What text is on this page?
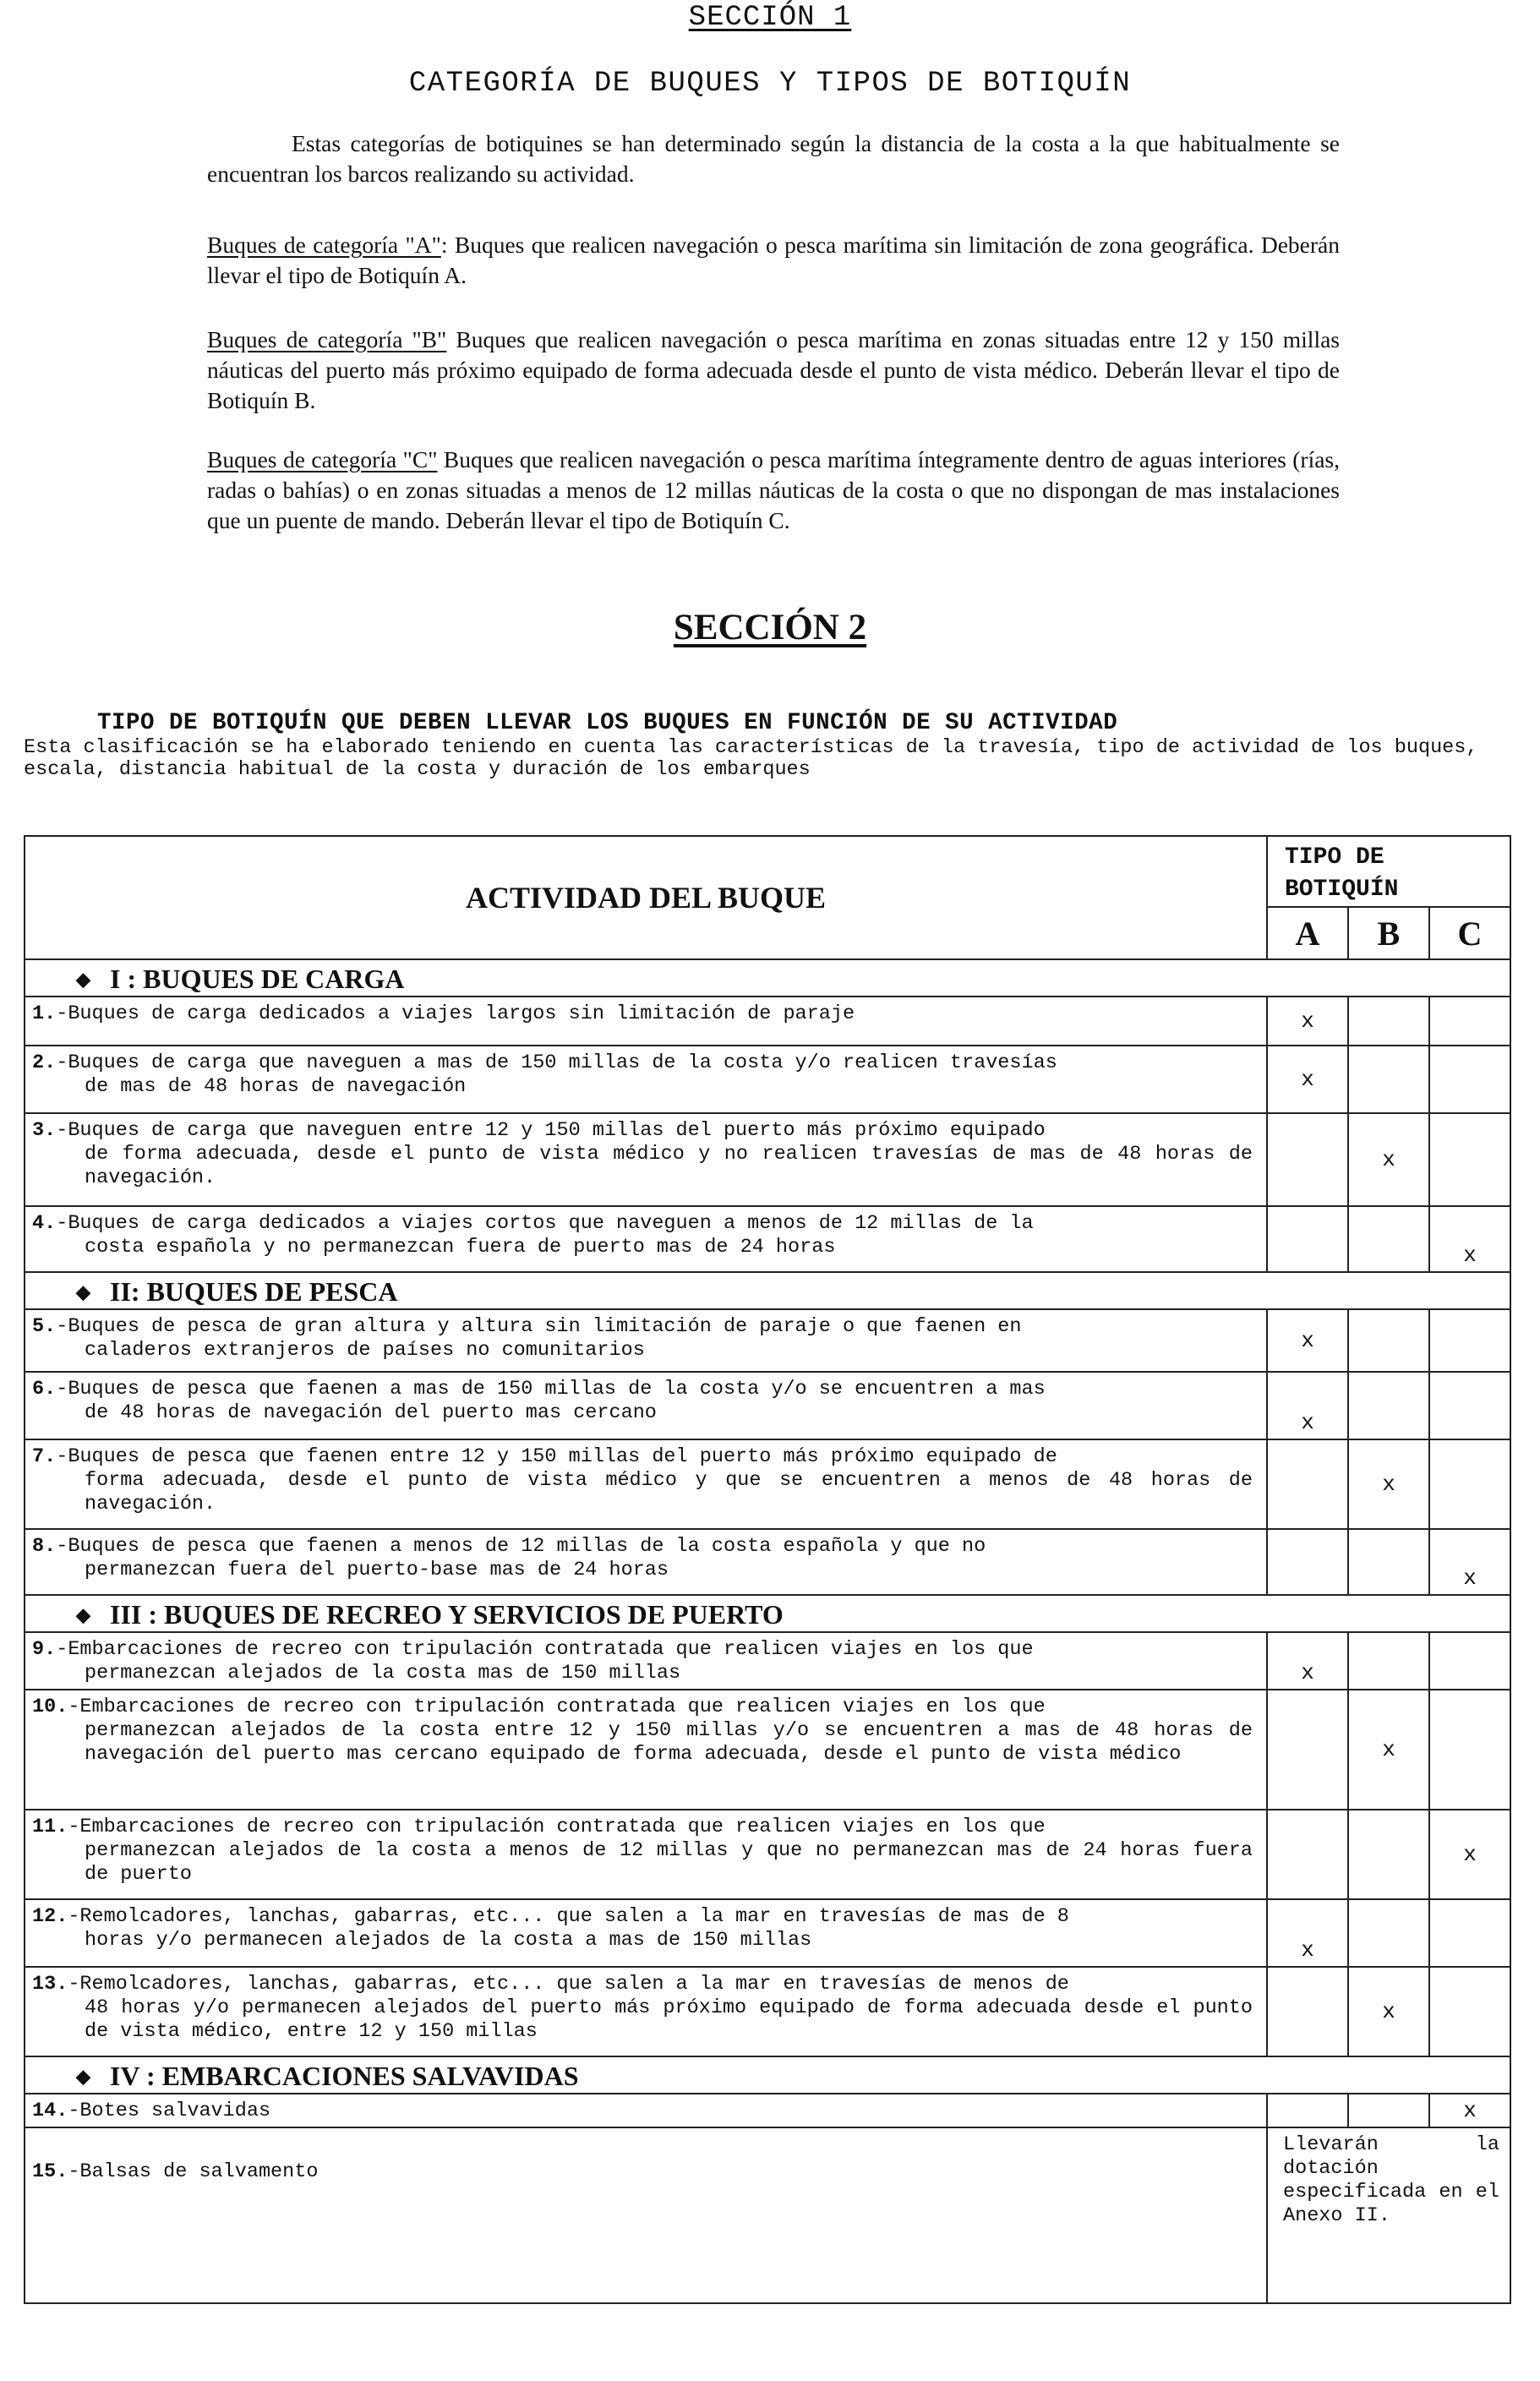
SECCIÓN 1
CATEGORÍA DE BUQUES Y TIPOS DE BOTIQUÍN
Estas categorías de botiquines se han determinado según la distancia de la costa a la que habitualmente se encuentran los barcos realizando su actividad.
Buques de categoría "A": Buques que realicen navegación o pesca marítima sin limitación de zona geográfica. Deberán llevar el tipo de Botiquín A.
Buques de categoría "B" Buques que realicen navegación o pesca marítima en zonas situadas entre 12 y 150 millas náuticas del puerto más próximo equipado de forma adecuada desde el punto de vista médico. Deberán llevar el tipo de Botiquín B.
Buques de categoría "C" Buques que realicen navegación o pesca marítima íntegramente dentro de aguas interiores (rías, radas o bahías) o en zonas situadas a menos de 12 millas náuticas de la costa o que no dispongan de mas instalaciones que un puente de mando. Deberán llevar el tipo de Botiquín C.
SECCIÓN 2
TIPO DE BOTIQUÍN QUE DEBEN LLEVAR LOS BUQUES EN FUNCIÓN DE SU ACTIVIDAD
Esta clasificación se ha elaborado teniendo en cuenta las características de la travesía, tipo de actividad de los buques, escala, distancia habitual de la costa y duración de los embarques
ACTIVIDAD DEL BUQUE	TIPO DE
BOTIQUÍN		
	A	B	C
◆ I : BUQUES DE CARGA			
1.-Buques de carga dedicados a viajes largos sin limitación de paraje	x		

2.-Buques de carga que naveguen a mas de 150 millas de la costa y/o realicen travesías
de mas de 48 horas de navegación	x		

3.-Buques de carga que naveguen entre 12 y 150 millas del puerto más próximo equipado
de forma adecuada, desde el punto de vista médico y no realicen travesías de mas de 48 horas de navegación.		x	

4.-Buques de carga dedicados a viajes cortos que naveguen a menos de 12 millas de la
costa española y no permanezcan fuera de puerto mas de 24 horas			x

◆ II: BUQUES DE PESCA			
5.-Buques de pesca de gran altura y altura sin limitación de paraje o que faenen en
caladeros extranjeros de países no comunitarios	x		

6.-Buques de pesca que faenen a mas de 150 millas de la costa y/o se encuentren a mas
de 48 horas de navegación del puerto mas cercano	x		

7.-Buques de pesca que faenen entre 12 y 150 millas del puerto más próximo equipado de
forma adecuada, desde el punto de vista médico y que se encuentren a menos de 48 horas de navegación.		x	

8.-Buques de pesca que faenen a menos de 12 millas de la costa española y que no
permanezcan fuera del puerto-base mas de 24 horas			x

◆ III : BUQUES DE RECREO Y SERVICIOS DE PUERTO			
9.-Embarcaciones de recreo con tripulación contratada que realicen viajes en los que
permanezcan alejados de la costa mas de 150 millas	x		

10.-Embarcaciones de recreo con tripulación contratada que realicen viajes en los que
permanezcan alejados de la costa entre 12 y 150 millas y/o se encuentren a mas de 48 horas de navegación del puerto mas cercano equipado de forma adecuada, desde el punto de vista médico		x	

11.-Embarcaciones de recreo con tripulación contratada que realicen viajes en los que
permanezcan alejados de la costa a menos de 12 millas y que no permanezcan mas de 24 horas fuera de puerto			x

12.-Remolcadores, lanchas, gabarras, etc... que salen a la mar en travesías de mas de 8
horas y/o permanecen alejados de la costa a mas de 150 millas	x		

13.-Remolcadores, lanchas, gabarras, etc... que salen a la mar en travesías de menos de
48 horas y/o permanecen alejados del puerto más próximo equipado de forma adecuada desde el punto de vista médico, entre 12 y 150 millas		x	

◆ IV : EMBARCACIONES SALVAVIDAS			
14.-Botes salvavidas			x

15.-Balsas de salvamento	Llevarán la dotación especificada en el Anexo II.		
